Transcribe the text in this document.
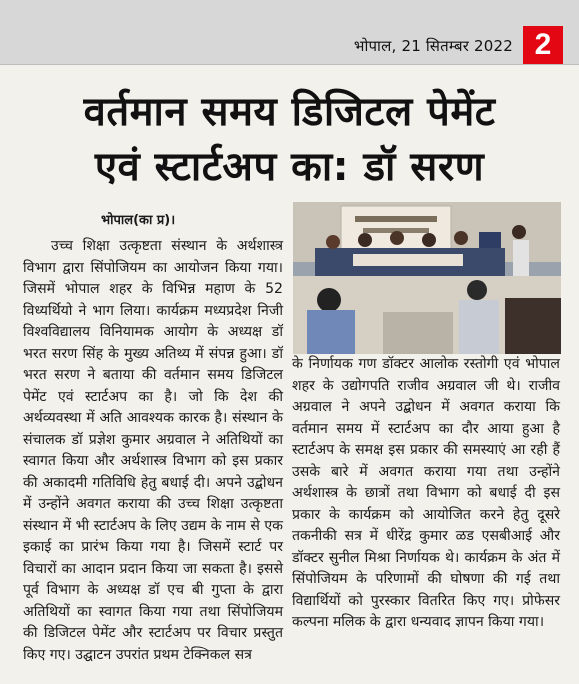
भोपाल, 21 सितम्बर 2022 2
वर्तमान समय डिजिटल पेमेंट
एवं स्टार्टअप का: डॉ सरण
भोपाल(का प्र)।

उच्च शिक्षा उत्कृष्टता संस्थान के अर्थशास्त्र विभाग द्वारा सिंपोजियम का आयोजन किया गया। जिसमें भोपाल शहर के विभिन्न महाण के 52 विध्यर्थियो ने भाग लिया। कार्यक्रम मध्यप्रदेश निजी विश्वविद्यालय विनियामक आयोग के अध्यक्ष डॉ भरत सरण सिंह के मुख्य अतिथ्य में संपन्न हुआ। डॉ भरत सरण ने बताया की वर्तमान समय डिजिटल पेमेंट एवं स्टार्टअप का है। जो कि देश की अर्थव्यवस्था में अति आवश्यक कारक है। संस्थान के संचालक डॉ प्रज्ञेश कुमार अग्रवाल ने अतिथियों का स्वागत किया और अर्थशास्त्र विभाग को इस प्रकार की अकादमी गतिविधि हेतु बधाई दी। अपने उद्बोधन में उन्होंने अवगत कराया की उच्च शिक्षा उत्कृष्टता संस्थान में भी स्टार्टअप के लिए उद्यम के नाम से एक इकाई का प्रारंभ किया गया है। जिसमें स्टार्ट पर विचारों का आदान प्रदान किया जा सकता है। इससे पूर्व विभाग के अध्यक्ष डॉ एच बी गुप्ता के द्वारा अतिथियों का स्वागत किया गया तथा सिंपोजियम की डिजिटल पेमेंट और स्टार्टअप पर विचार प्रस्तुत किए गए। उद्घाटन उपरांत प्रथम टेक्निकल सत्र

के निर्णायक गण डॉक्टर आलोक रस्तोगी एवं भोपाल शहर के उद्योगपति राजीव अग्रवाल जी थे। राजीव अग्रवाल ने अपने उद्बोधन में अवगत कराया कि वर्तमान समय में स्टार्टअप का दौर आया हुआ है स्टार्टअप के समक्ष इस प्रकार की समस्याएं आ रही हैं उसके बारे में अवगत कराया गया तथा उन्होंने अर्थशास्त्र के छात्रों तथा विभाग को बधाई दी इस प्रकार के कार्यक्रम को आयोजित करने हेतु दूसरे तकनीकी सत्र में धीरेंद्र कुमार ळड एसबीआई और डॉक्टर सुनील मिश्रा निर्णायक थे। कार्यक्रम के अंत में सिंपोजियम के परिणामों की घोषणा की गई तथा विद्यार्थियों को पुरस्कार वितरित किए गए। प्रोफेसर कल्पना मलिक के द्वारा धन्यवाद ज्ञापन किया गया।
